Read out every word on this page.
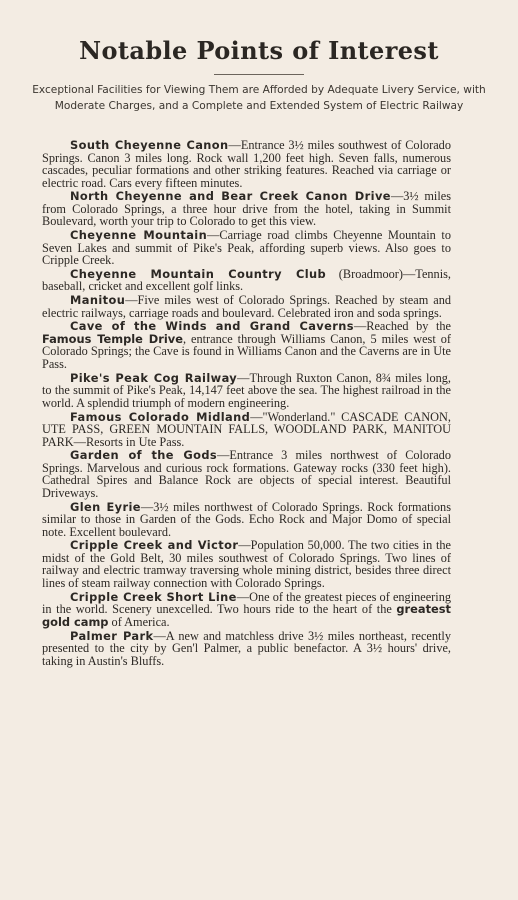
Notable Points of Interest
Exceptional Facilities for Viewing Them are Afforded by Adequate Livery Service, with Moderate Charges, and a Complete and Extended System of Electric Railway

South Cheyenne Canon—Entrance 3½ miles southwest of Colorado Springs. Canon 3 miles long. Rock wall 1,200 feet high. Seven falls, numerous cascades, peculiar formations and other striking features. Reached via carriage or electric road. Cars every fifteen minutes.

North Cheyenne and Bear Creek Canon Drive—3½ miles from Colorado Springs, a three hour drive from the hotel, taking in Summit Boulevard, worth your trip to Colorado to get this view.

Cheyenne Mountain—Carriage road climbs Cheyenne Mountain to Seven Lakes and summit of Pike's Peak, affording superb views. Also goes to Cripple Creek.

Cheyenne Mountain Country Club (Broadmoor)—Tennis, baseball, cricket and excellent golf links.

Manitou—Five miles west of Colorado Springs. Reached by steam and electric railways, carriage roads and boulevard. Celebrated iron and soda springs.

Cave of the Winds and Grand Caverns—Reached by the Famous Temple Drive, entrance through Williams Canon, 5 miles west of Colorado Springs; the Cave is found in Williams Canon and the Caverns are in Ute Pass.

Pike's Peak Cog Railway—Through Ruxton Canon, 8¾ miles long, to the summit of Pike's Peak, 14,147 feet above the sea. The highest railroad in the world. A splendid triumph of modern engineering.

Famous Colorado Midland—"Wonderland." CASCADE CANON, UTE PASS, GREEN MOUNTAIN FALLS, WOODLAND PARK, MANITOU PARK—Resorts in Ute Pass.

Garden of the Gods—Entrance 3 miles northwest of Colorado Springs. Marvelous and curious rock formations. Gateway rocks (330 feet high). Cathedral Spires and Balance Rock are objects of special interest. Beautiful Driveways.

Glen Eyrie—3½ miles northwest of Colorado Springs. Rock formations similar to those in Garden of the Gods. Echo Rock and Major Domo of special note. Excellent boulevard.

Cripple Creek and Victor—Population 50,000. The two cities in the midst of the Gold Belt, 30 miles southwest of Colorado Springs. Two lines of railway and electric tramway traversing whole mining district, besides three direct lines of steam railway connection with Colorado Springs.

Cripple Creek Short Line—One of the greatest pieces of engineering in the world. Scenery unexcelled. Two hours ride to the heart of the greatest gold camp of America.

Palmer Park—A new and matchless drive 3½ miles northeast, recently presented to the city by Gen'l Palmer, a public benefactor. A 3½ hours' drive, taking in Austin's Bluffs.
